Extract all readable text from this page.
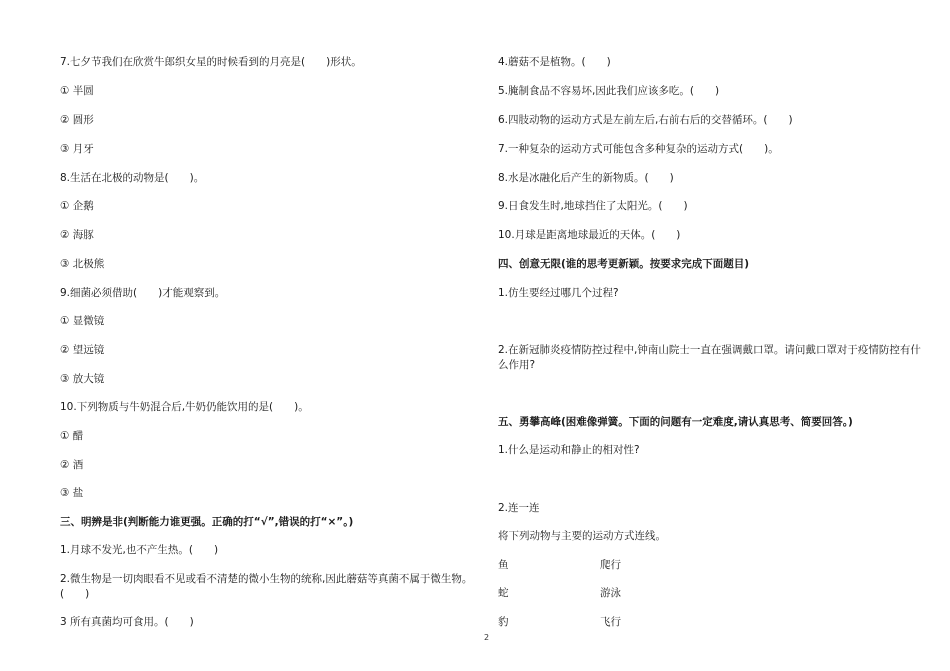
7.七夕节我们在欣赏牛郎织女星的时候看到的月亮是(　　)形状。
① 半圆
② 圆形
③ 月牙
8.生活在北极的动物是(　　)。
① 企鹅
② 海豚
③ 北极熊
9.细菌必须借助(　　)才能观察到。
① 显微镜
② 望远镜
③ 放大镜
10.下列物质与牛奶混合后,牛奶仍能饮用的是(　　)。
① 醋
② 酒
③ 盐
三、明辨是非(判断能力谁更强。正确的打“√”,错误的打“×”。)
1.月球不发光,也不产生热。(　　)
2.微生物是一切肉眼看不见或看不清楚的微小生物的统称,因此蘑菇等真菌不属于微生物。(　　)
3 所有真菌均可食用。(　　)
4.蘑菇不是植物。(　　)
5.腌制食品不容易坏,因此我们应该多吃。(　　)
6.四肢动物的运动方式是左前左后,右前右后的交替循环。(　　)
7.一种复杂的运动方式可能包含多种复杂的运动方式(　　)。
8.水是冰融化后产生的新物质。(　　)
9.日食发生时,地球挡住了太阳光。(　　)
10.月球是距离地球最近的天体。(　　)
四、创意无限(谁的思考更新颖。按要求完成下面题目)
1.仿生要经过哪几个过程?
2.在新冠肺炎疫情防控过程中,钟南山院士一直在强调戴口罩。请问戴口罩对于疫情防控有什么作用?
五、勇攀高峰(困难像弹簧。下面的问题有一定难度,请认真思考、简要回答。)
1.什么是运动和静止的相对性?
2.连一连
将下列动物与主要的运动方式连线。
鱼	爬行
蛇	游泳
豹	飞行
2
